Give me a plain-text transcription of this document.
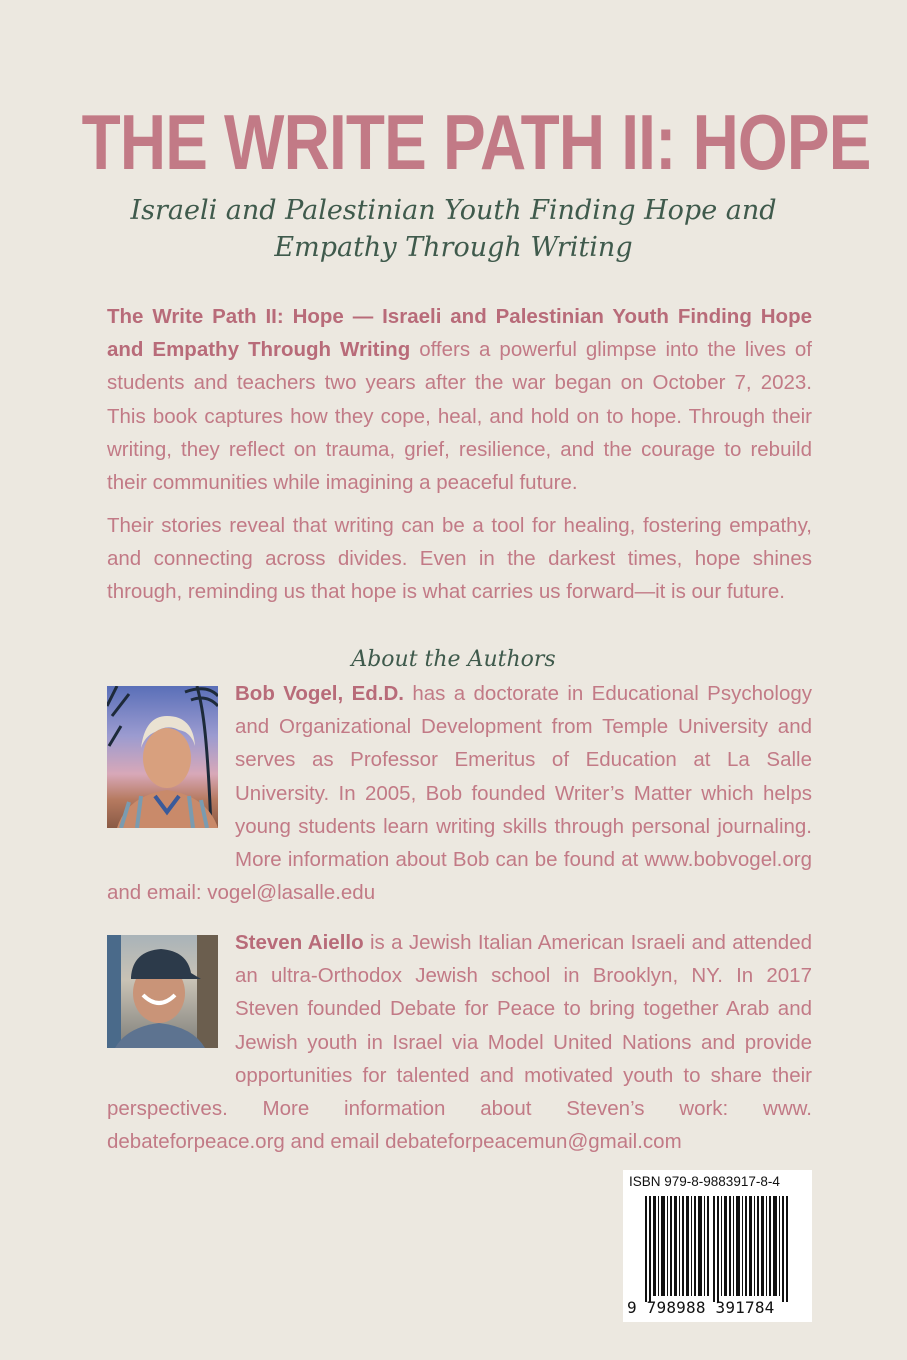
THE WRITE PATH II: HOPE
Israeli and Palestinian Youth Finding Hope and Empathy Through Writing

The Write Path II: Hope — Israeli and Palestinian Youth Finding Hope and Empathy Through Writing offers a powerful glimpse into the lives of students and teachers two years after the war began on October 7, 2023. This book captures how they cope, heal, and hold on to hope. Through their writing, they reflect on trauma, grief, resilience, and the courage to rebuild their communities while imagining a peaceful future.

Their stories reveal that writing can be a tool for healing, fostering empathy, and connecting across divides. Even in the darkest times, hope shines through, reminding us that hope is what carries us forward—it is our future.

About the Authors

Bob Vogel, Ed.D. has a doctorate in Educational Psychology and Organizational Development from Temple University and serves as Professor Emeritus of Education at La Salle University. In 2005, Bob founded Writer’s Matter which helps young students learn writing skills through personal journaling. More information about Bob can be found at www.bobvogel.org and email: vogel@lasalle.edu

Steven Aiello is a Jewish Italian American Israeli and attended an ultra-Orthodox Jewish school in Brooklyn, NY. In 2017 Steven founded Debate for Peace to bring together Arab and Jewish youth in Israel via Model United Nations and provide opportunities for talented and motivated youth to share their perspectives. More information about Steven’s work: www. debateforpeace.org and email debateforpeacemun@gmail.com

ISBN 979-8-9883917-8-4
9 798988 391784
